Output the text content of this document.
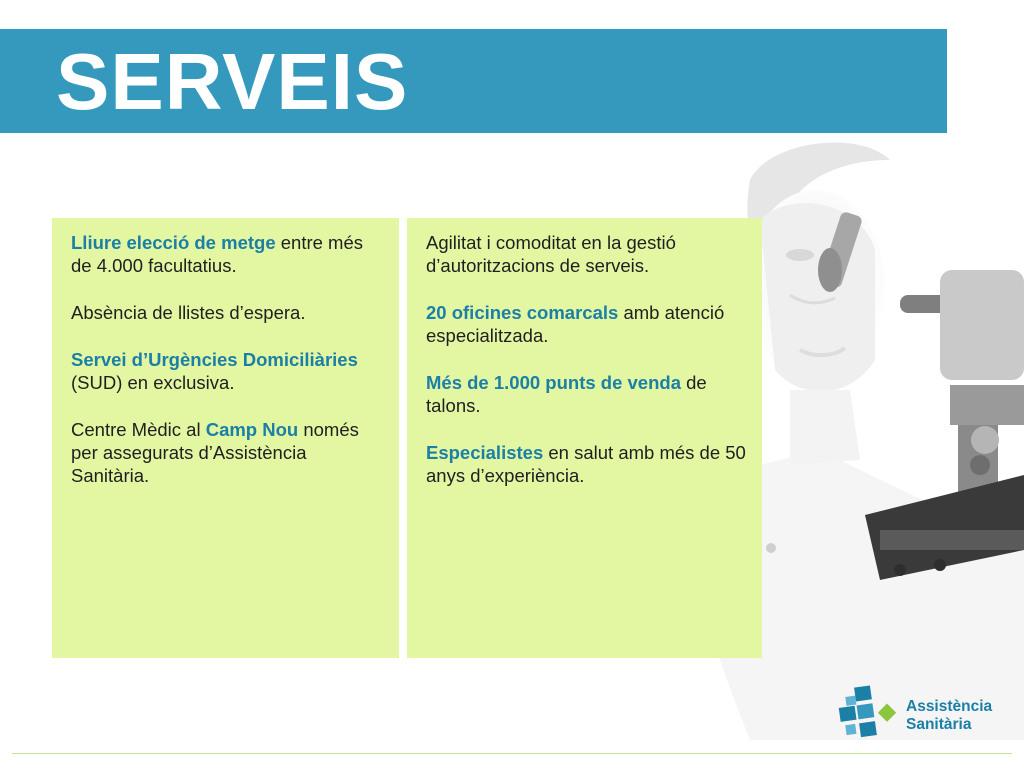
SERVEIS

Lliure elecció de metge entre més de 4.000 facultatius.

Absència de llistes d’espera.

Servei d’Urgències Domiciliàries (SUD) en exclusiva.

Centre Mèdic al Camp Nou només per assegurats d’Assistència Sanitària.

Agilitat i comoditat en la gestió d’autoritzacions de serveis.

20 oficines comarcals amb atenció especialitzada.

Més de 1.000 punts de venda de talons.

Especialistes en salut amb més de 50 anys d’experiència.

Assistència
Sanitària
